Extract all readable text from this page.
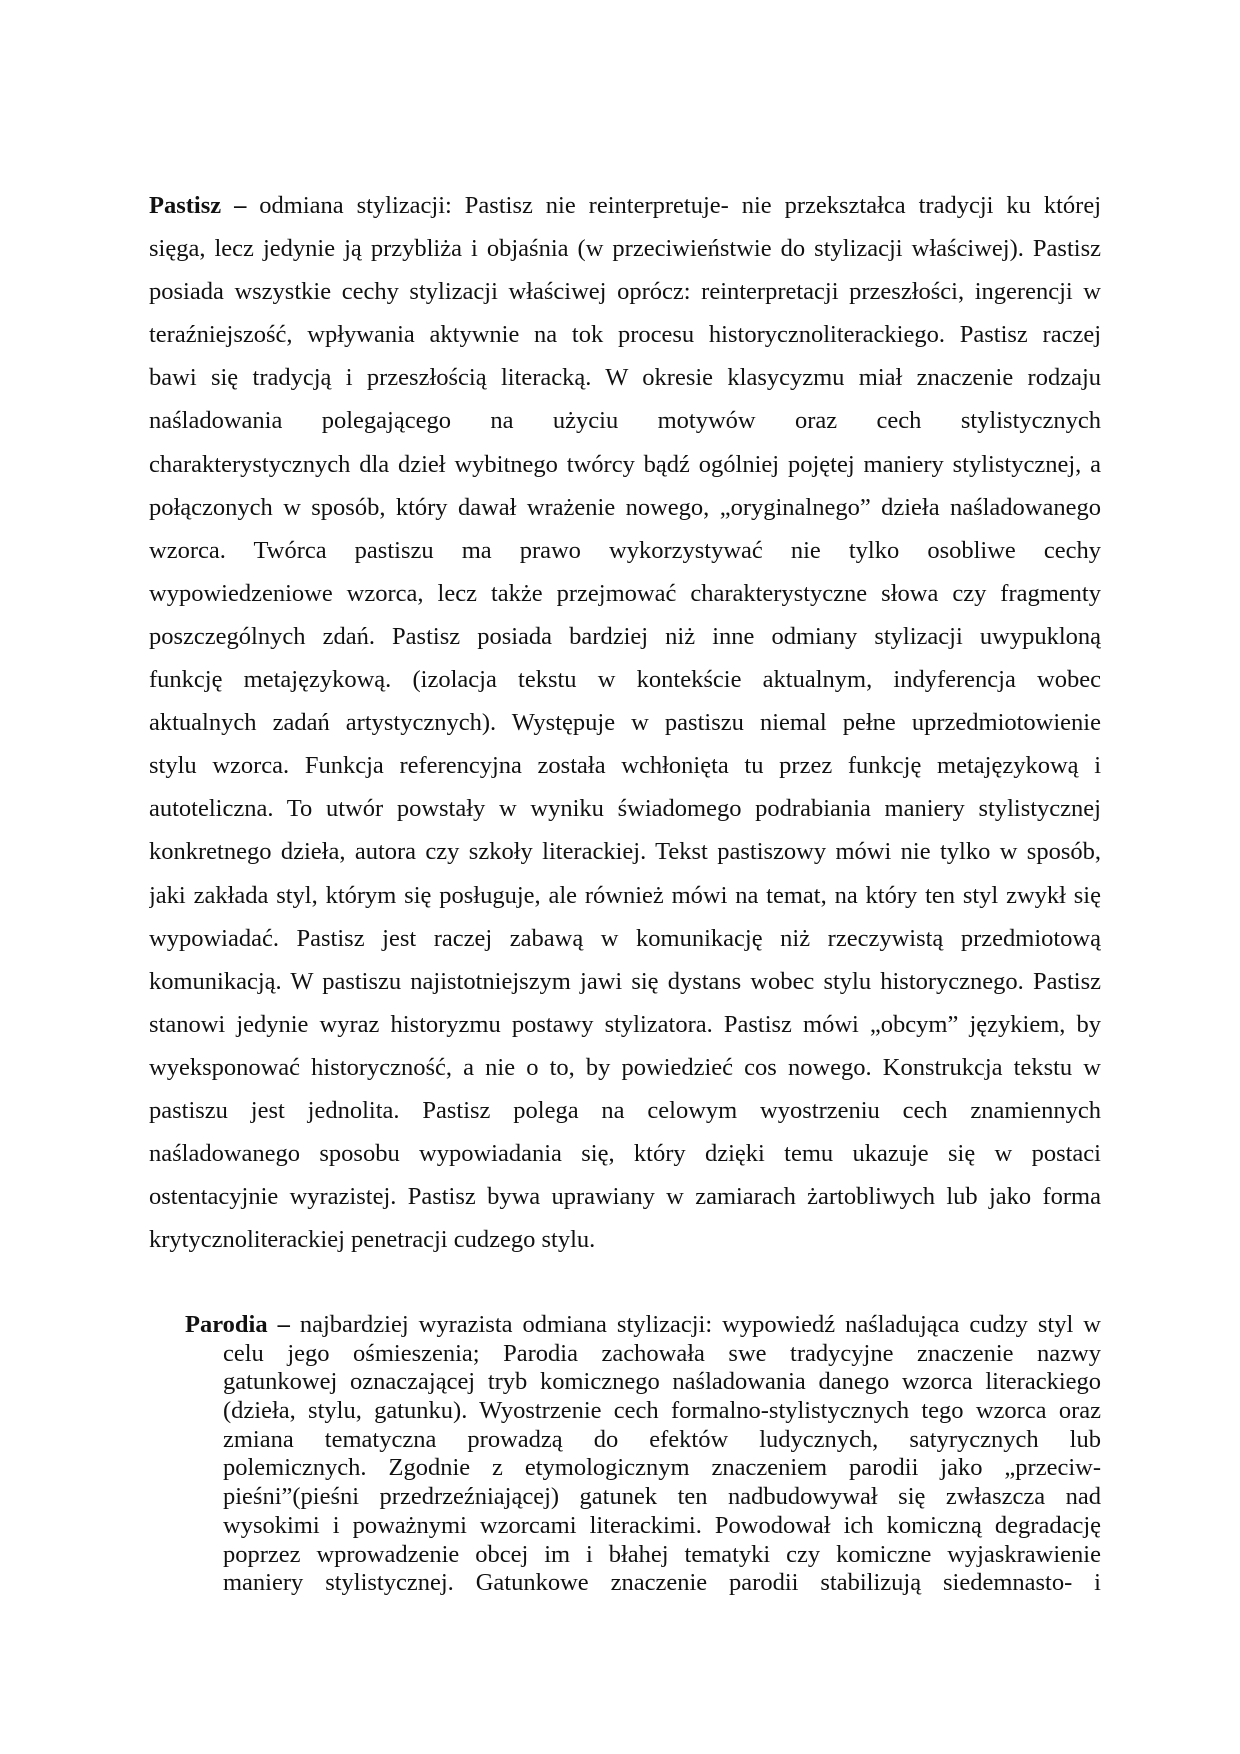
Pastisz – odmiana stylizacji: Pastisz nie reinterpretuje- nie przekształca tradycji ku której
sięga, lecz jedynie ją przybliża i objaśnia (w przeciwieństwie do stylizacji właściwej). Pastisz
posiada wszystkie cechy stylizacji właściwej oprócz: reinterpretacji przeszłości, ingerencji w
teraźniejszość, wpływania aktywnie na tok procesu historycznoliterackiego. Pastisz raczej
bawi się tradycją i przeszłością literacką. W okresie klasycyzmu miał znaczenie rodzaju
naśladowania polegającego na użyciu motywów oraz cech stylistycznych
charakterystycznych dla dzieł wybitnego twórcy bądź ogólniej pojętej maniery stylistycznej, a
połączonych w sposób, który dawał wrażenie nowego, „oryginalnego” dzieła naśladowanego
wzorca. Twórca pastiszu ma prawo wykorzystywać nie tylko osobliwe cechy
wypowiedzeniowe wzorca, lecz także przejmować charakterystyczne słowa czy fragmenty
poszczególnych zdań. Pastisz posiada bardziej niż inne odmiany stylizacji uwypukloną
funkcję metajęzykową. (izolacja tekstu w kontekście aktualnym, indyferencja wobec
aktualnych zadań artystycznych). Występuje w pastiszu niemal pełne uprzedmiotowienie
stylu wzorca. Funkcja referencyjna została wchłonięta tu przez funkcję metajęzykową i
autoteliczna. To utwór powstały w wyniku świadomego podrabiania maniery stylistycznej
konkretnego dzieła, autora czy szkoły literackiej. Tekst pastiszowy mówi nie tylko w sposób,
jaki zakłada styl, którym się posługuje, ale również mówi na temat, na który ten styl zwykł się
wypowiadać. Pastisz jest raczej zabawą w komunikację niż rzeczywistą przedmiotową
komunikacją. W pastiszu najistotniejszym jawi się dystans wobec stylu historycznego. Pastisz
stanowi jedynie wyraz historyzmu postawy stylizatora. Pastisz mówi „obcym” językiem, by
wyeksponować historyczność, a nie o to, by powiedzieć cos nowego. Konstrukcja tekstu w
pastiszu jest jednolita. Pastisz polega na celowym wyostrzeniu cech znamiennych
naśladowanego sposobu wypowiadania się, który dzięki temu ukazuje się w postaci
ostentacyjnie wyrazistej. Pastisz bywa uprawiany w zamiarach żartobliwych lub jako forma
krytycznoliterackiej penetracji cudzego stylu.
Parodia – najbardziej wyrazista odmiana stylizacji: wypowiedź naśladująca cudzy styl w
celu jego ośmieszenia; Parodia zachowała swe tradycyjne znaczenie nazwy
gatunkowej oznaczającej tryb komicznego naśladowania danego wzorca literackiego
(dzieła, stylu, gatunku). Wyostrzenie cech formalno-stylistycznych tego wzorca oraz
zmiana tematyczna prowadzą do efektów ludycznych, satyrycznych lub
polemicznych. Zgodnie z etymologicznym znaczeniem parodii jako „przeciw-
pieśni”(pieśni przedrzeźniającej) gatunek ten nadbudowywał się zwłaszcza nad
wysokimi i poważnymi wzorcami literackimi. Powodował ich komiczną degradację
poprzez wprowadzenie obcej im i błahej tematyki czy komiczne wyjaskrawienie
maniery stylistycznej. Gatunkowe znaczenie parodii stabilizują siedemnasto- i
